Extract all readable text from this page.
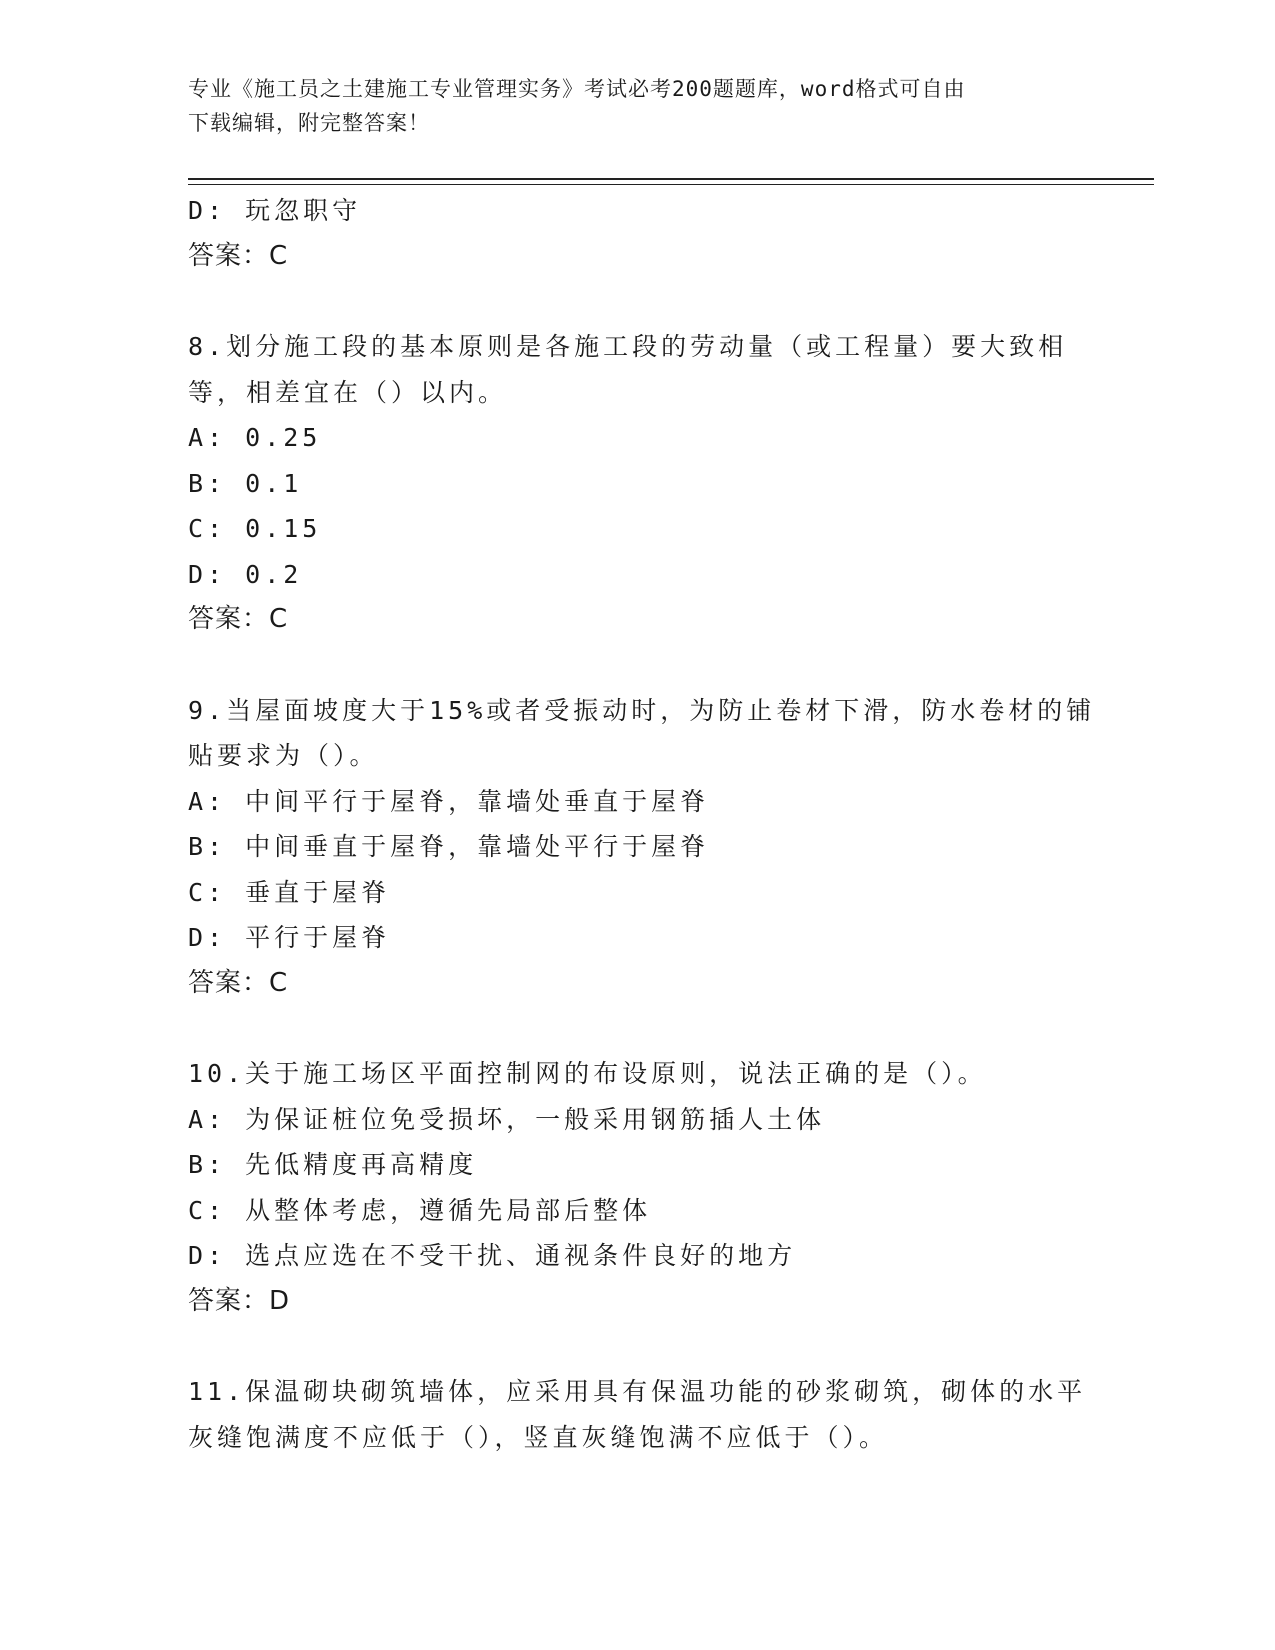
专业《施工员之土建施工专业管理实务》考试必考200题题库，word格式可自由
下载编辑，附完整答案！
D: 玩忽职守
答案：C
8.划分施工段的基本原则是各施工段的劳动量（或工程量）要大致相
等，相差宜在（）以内。
A: 0.25
B: 0.1
C: 0.15
D: 0.2
答案：C
9.当屋面坡度大于15%或者受振动时，为防止卷材下滑，防水卷材的铺
贴要求为（）。
A: 中间平行于屋脊，靠墙处垂直于屋脊
B: 中间垂直于屋脊，靠墙处平行于屋脊
C: 垂直于屋脊
D: 平行于屋脊
答案：C
10.关于施工场区平面控制网的布设原则，说法正确的是（）。
A: 为保证桩位免受损坏，一般采用钢筋插人土体
B: 先低精度再高精度
C: 从整体考虑，遵循先局部后整体
D: 选点应选在不受干扰、通视条件良好的地方
答案：D
11.保温砌块砌筑墙体，应采用具有保温功能的砂浆砌筑，砌体的水平
灰缝饱满度不应低于（），竖直灰缝饱满不应低于（）。
